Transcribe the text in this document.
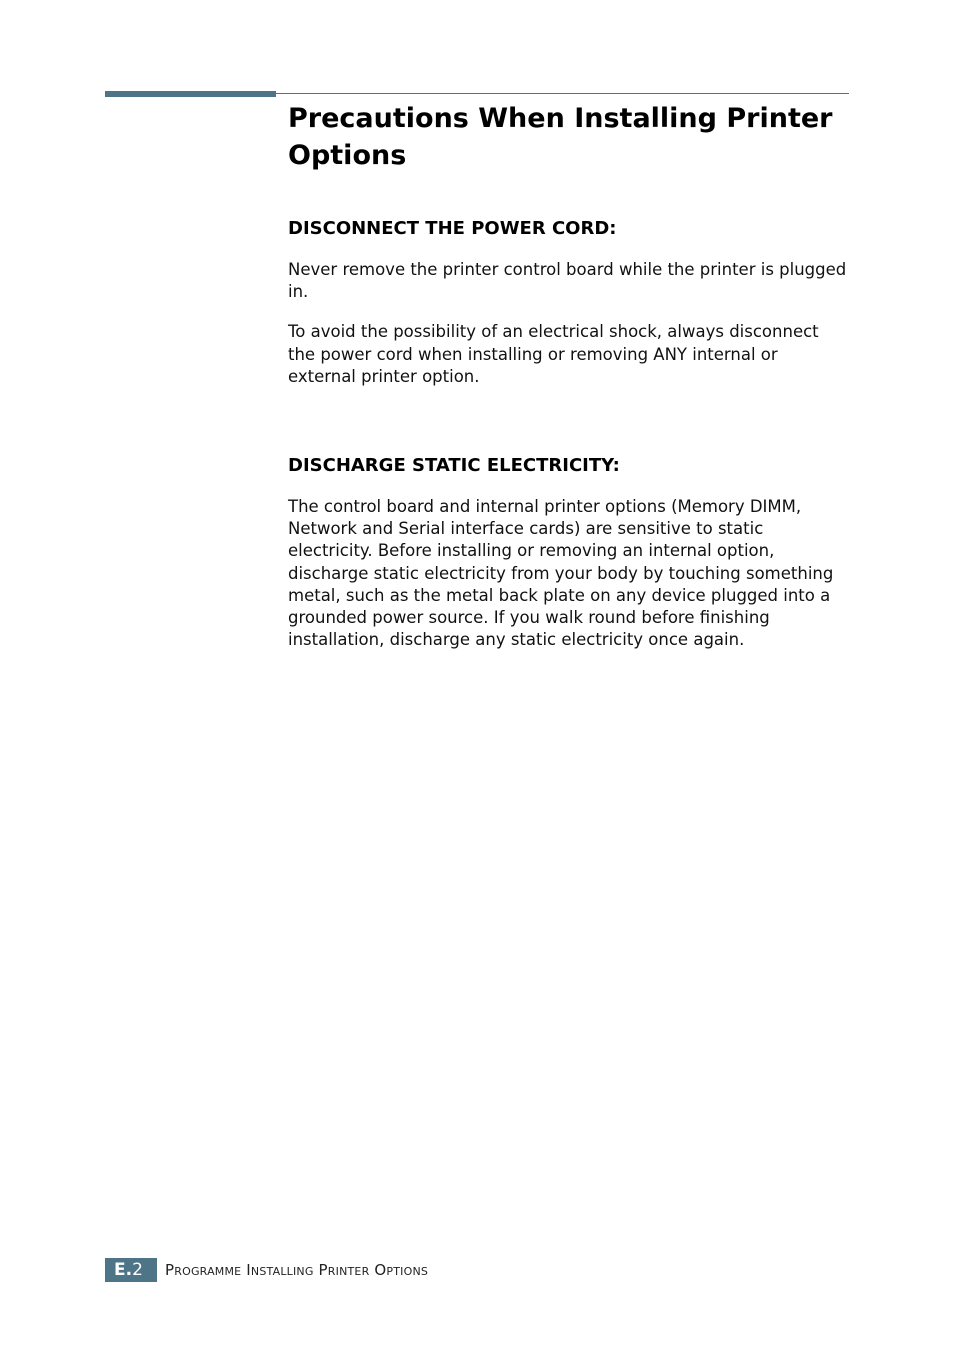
Precautions When Installing Printer Options
DISCONNECT THE POWER CORD:

Never remove the printer control board while the printer is plugged in.

To avoid the possibility of an electrical shock, always disconnect the power cord when installing or removing ANY internal or external printer option.

DISCHARGE STATIC ELECTRICITY:

The control board and internal printer options (Memory DIMM, Network and Serial interface cards) are sensitive to static electricity. Before installing or removing an internal option, discharge static electricity from your body by touching something metal, such as the metal back plate on any device plugged into a grounded power source. If you walk round before finishing installation, discharge any static electricity once again.

E.2	Programme Installing Printer Options
